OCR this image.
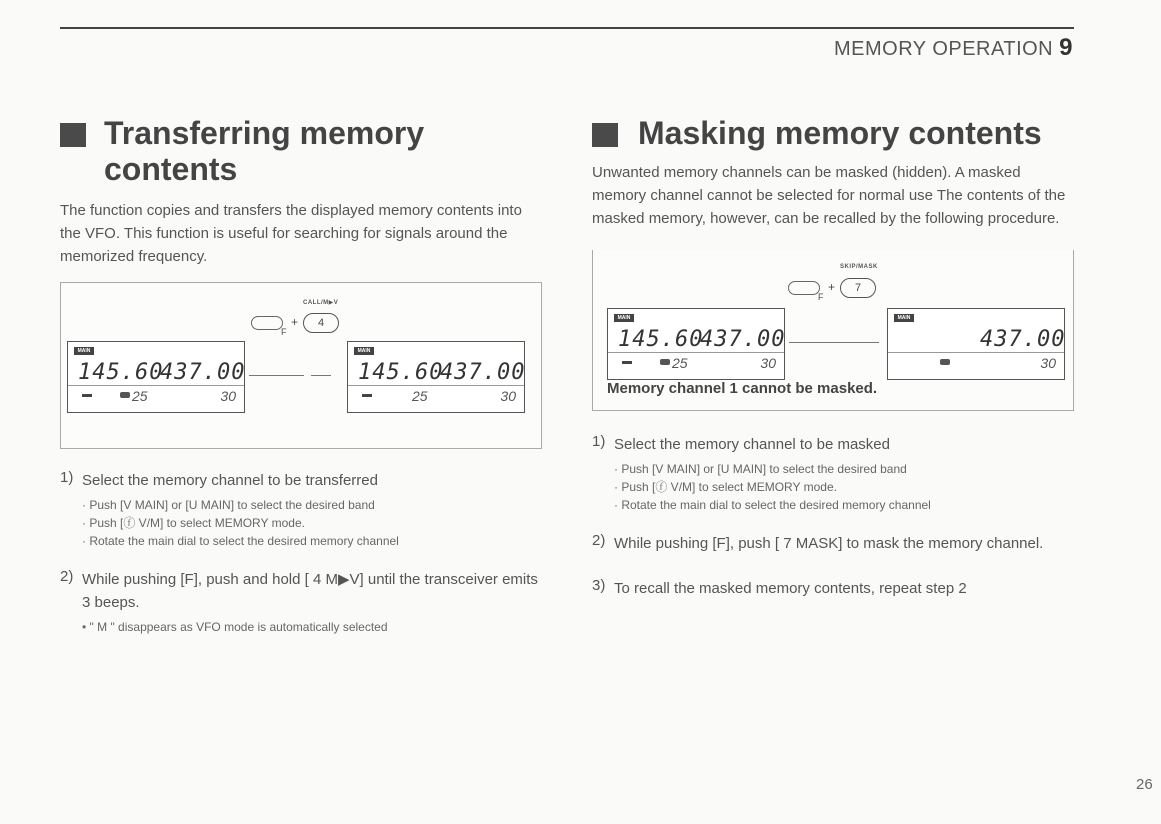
MEMORY OPERATION 9
Transferring memory
contents
The function copies and transfers the displayed memory contents into the VFO. This function is useful for searching for signals around the memorized frequency.
CALL/M▶V
F
+	4
MAIN
145.60
437.00
25	30
MAIN
145.60
437.00
25	30
1) Select the memory channel to be transferred
· Push [V MAIN] or [U MAIN] to select the desired band
· Push [ⓕ V/M] to select MEMORY mode.
· Rotate the main dial to select the desired memory channel
2) While pushing [F], push and hold [ 4 M▶V] until the transceiver emits 3 beeps.
• " M " disappears as VFO mode is automatically selected
Masking memory contents
Unwanted memory channels can be masked (hidden). A masked memory channel cannot be selected for normal use The contents of the masked memory, however, can be recalled by the following procedure.
SKIP/MASK
F
+	7
MAIN
145.60
437.00
25	30
MAIN
437.00
30
Memory channel 1 cannot be masked.
1) Select the memory channel to be masked
· Push [V MAIN] or [U MAIN] to select the desired band
· Push [ⓕ V/M] to select MEMORY mode.
· Rotate the main dial to select the desired memory channel
2) While pushing [F], push [ 7 MASK] to mask the memory channel.
3) To recall the masked memory contents, repeat step 2
26
